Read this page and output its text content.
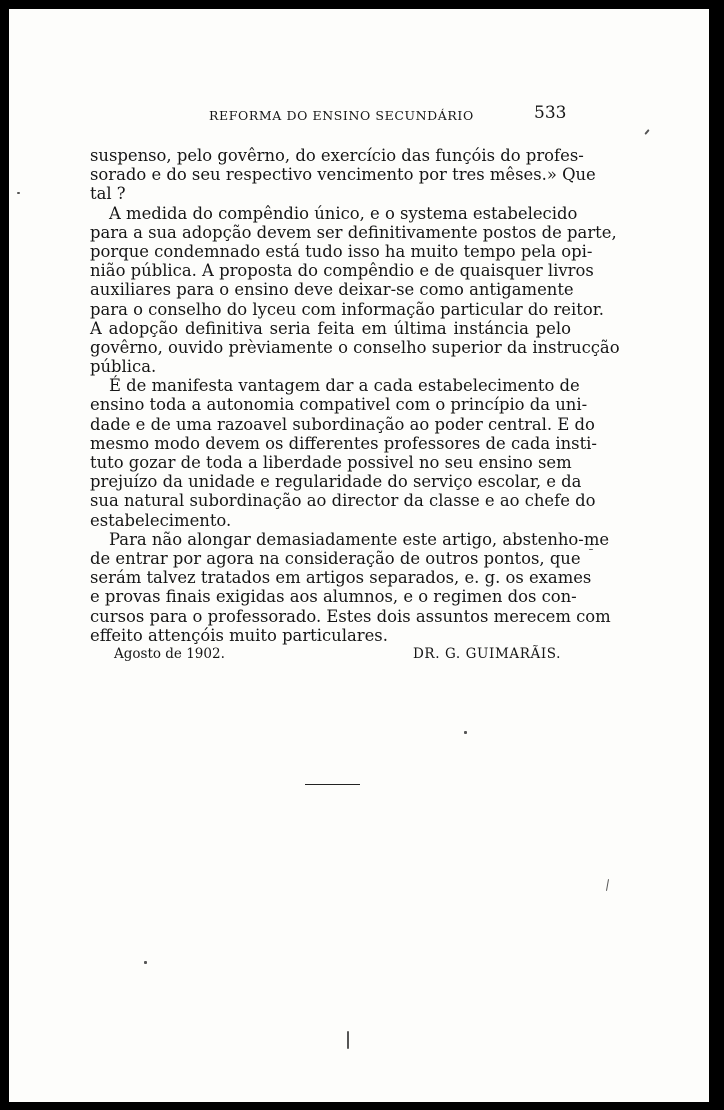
REFORMA DO ENSINO SECUNDÁRIO	533
suspenso, pelo govêrno, do exercício das funçóis do profes-
sorado e do seu respectivo vencimento por tres mêses.» Que
tal ?
A medida do compêndio único, e o systema estabelecido
para a sua adopção devem ser definitivamente postos de parte,
porque condemnado está tudo isso ha muito tempo pela opi-
nião pública. A proposta do compêndio e de quaisquer livros
auxiliares para o ensino deve deixar-se como antigamente
para o conselho do lyceu com informação particular do reitor.
A adopção definitiva seria feita em última instáncia pelo
govêrno, ouvido prèviamente o conselho superior da instrucção
pública.
É de manifesta vantagem dar a cada estabelecimento de
ensino toda a autonomia compativel com o princípio da uni-
dade e de uma razoavel subordinação ao poder central. E do
mesmo modo devem os differentes professores de cada insti-
tuto gozar de toda a liberdade possivel no seu ensino sem
prejuízo da unidade e regularidade do serviço escolar, e da
sua natural subordinação ao director da classe e ao chefe do
estabelecimento.
Para não alongar demasiadamente este artigo, abstenho-me
de entrar por agora na consideração de outros pontos, que
serám talvez tratados em artigos separados, e. g. os exames
e provas finais exigidas aos alumnos, e o regimen dos con-
cursos para o professorado. Estes dois assuntos merecem com
effeito attençóis muito particulares.
Agosto de 1902.	DR. G. GUIMARÃIS.
